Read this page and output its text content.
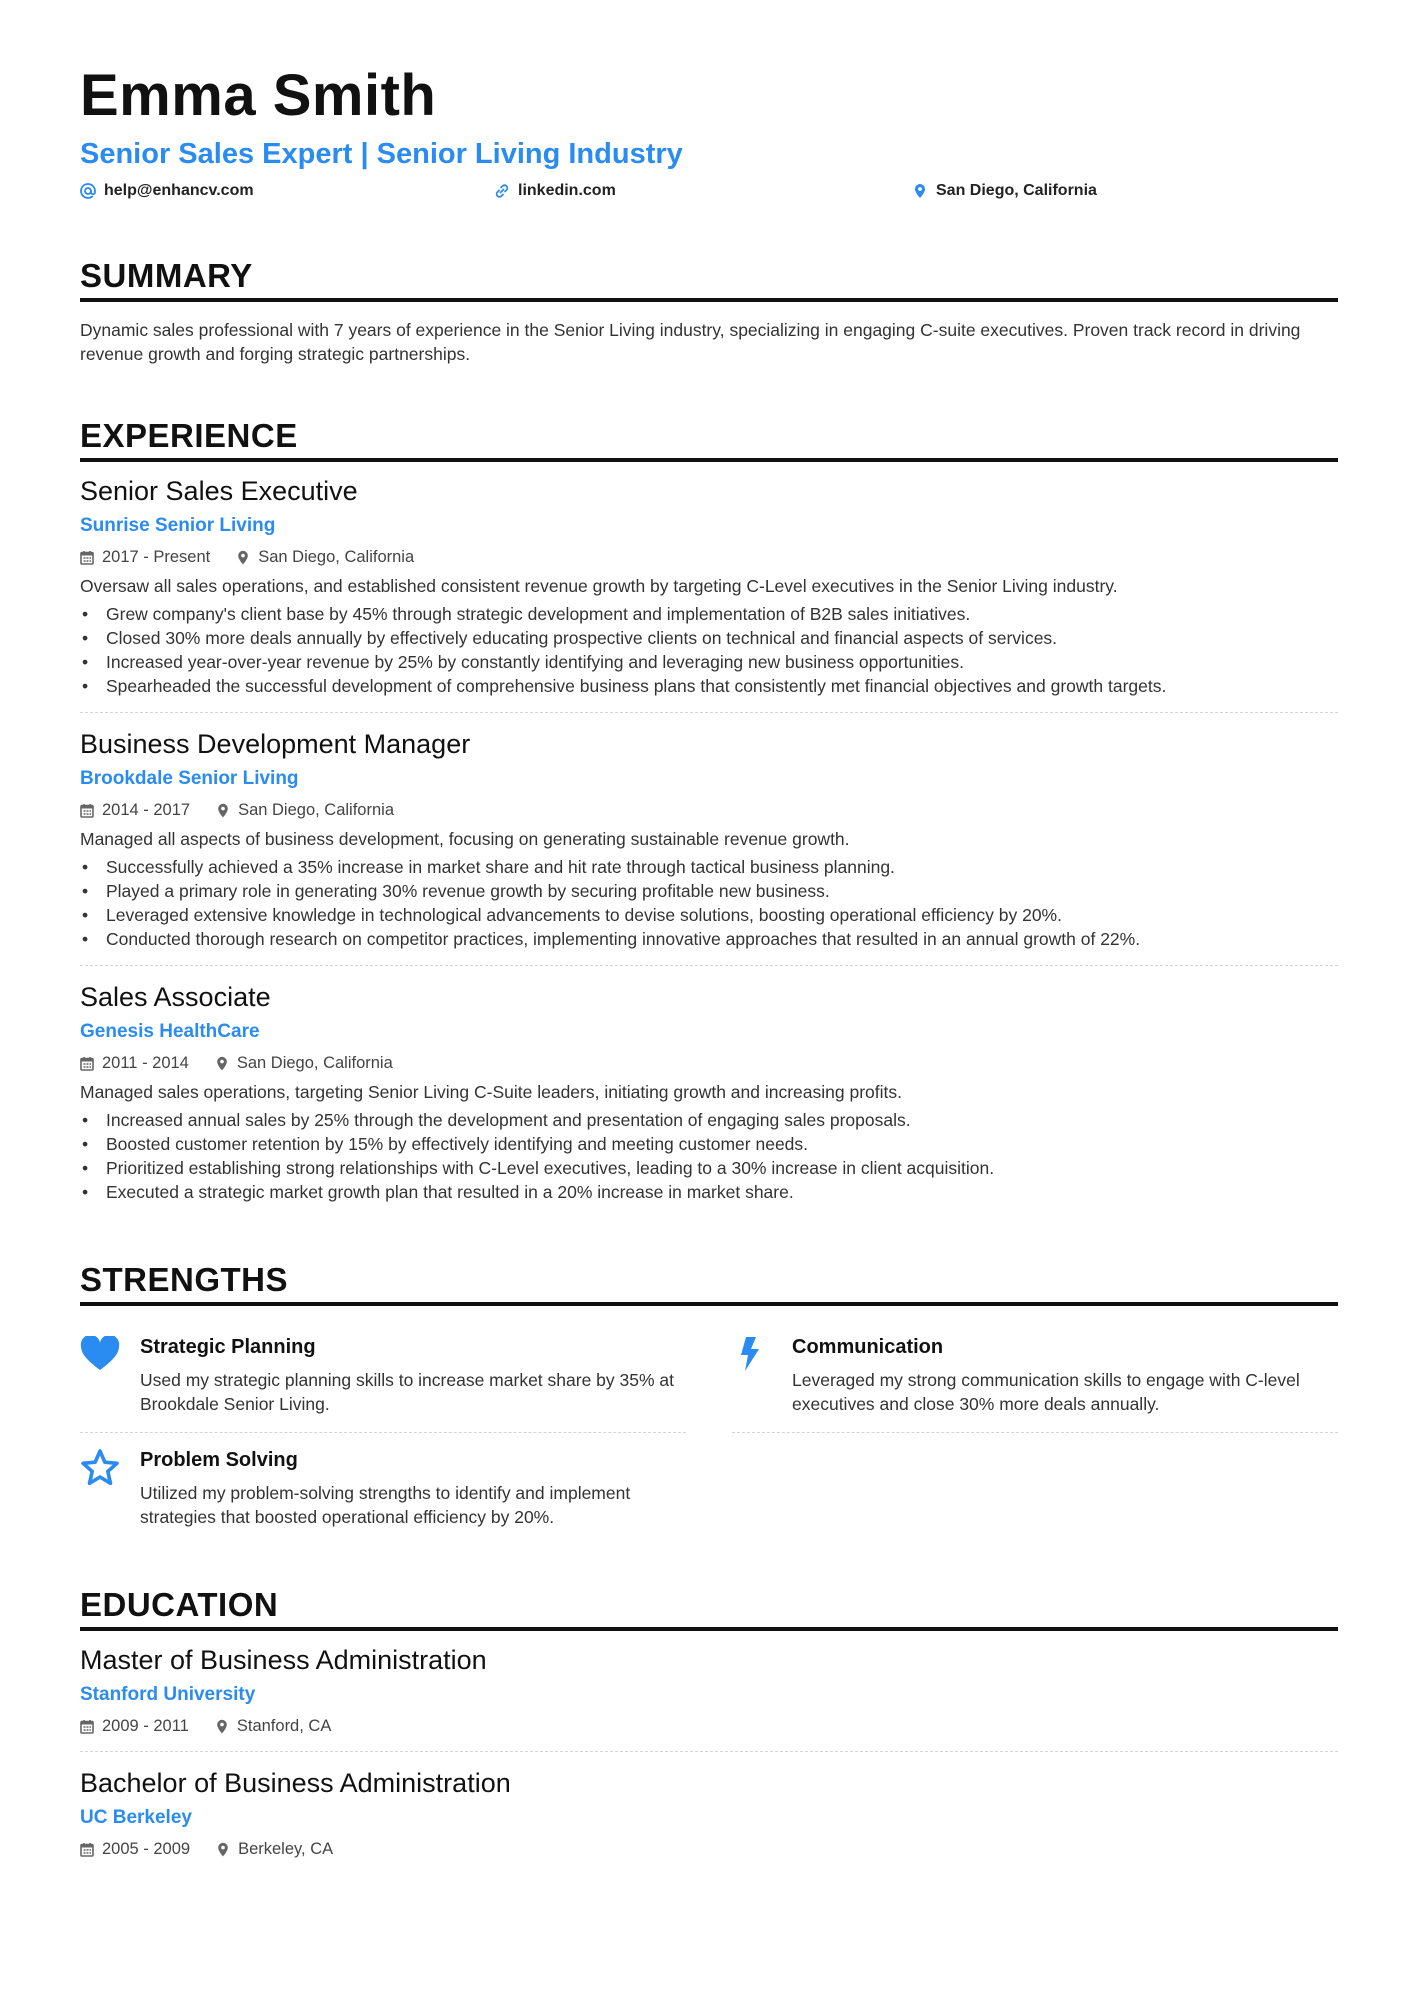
Emma Smith
Senior Sales Expert | Senior Living Industry
help@enhancv.com	linkedin.com	San Diego, California
SUMMARY
Dynamic sales professional with 7 years of experience in the Senior Living industry, specializing in engaging C-suite executives. Proven track record in driving revenue growth and forging strategic partnerships.
EXPERIENCE
Senior Sales Executive
Sunrise Senior Living
2017 - Present	San Diego, California
Oversaw all sales operations, and established consistent revenue growth by targeting C-Level executives in the Senior Living industry.
• Grew company's client base by 45% through strategic development and implementation of B2B sales initiatives.
• Closed 30% more deals annually by effectively educating prospective clients on technical and financial aspects of services.
• Increased year-over-year revenue by 25% by constantly identifying and leveraging new business opportunities.
• Spearheaded the successful development of comprehensive business plans that consistently met financial objectives and growth targets.
Business Development Manager
Brookdale Senior Living
2014 - 2017	San Diego, California
Managed all aspects of business development, focusing on generating sustainable revenue growth.
• Successfully achieved a 35% increase in market share and hit rate through tactical business planning.
• Played a primary role in generating 30% revenue growth by securing profitable new business.
• Leveraged extensive knowledge in technological advancements to devise solutions, boosting operational efficiency by 20%.
• Conducted thorough research on competitor practices, implementing innovative approaches that resulted in an annual growth of 22%.
Sales Associate
Genesis HealthCare
2011 - 2014	San Diego, California
Managed sales operations, targeting Senior Living C-Suite leaders, initiating growth and increasing profits.
• Increased annual sales by 25% through the development and presentation of engaging sales proposals.
• Boosted customer retention by 15% by effectively identifying and meeting customer needs.
• Prioritized establishing strong relationships with C-Level executives, leading to a 30% increase in client acquisition.
• Executed a strategic market growth plan that resulted in a 20% increase in market share.
STRENGTHS
Strategic Planning
Used my strategic planning skills to increase market share by 35% at Brookdale Senior Living.
Communication
Leveraged my strong communication skills to engage with C-level executives and close 30% more deals annually.
Problem Solving
Utilized my problem-solving strengths to identify and implement strategies that boosted operational efficiency by 20%.
EDUCATION
Master of Business Administration
Stanford University
2009 - 2011	Stanford, CA
Bachelor of Business Administration
UC Berkeley
2005 - 2009	Berkeley, CA
